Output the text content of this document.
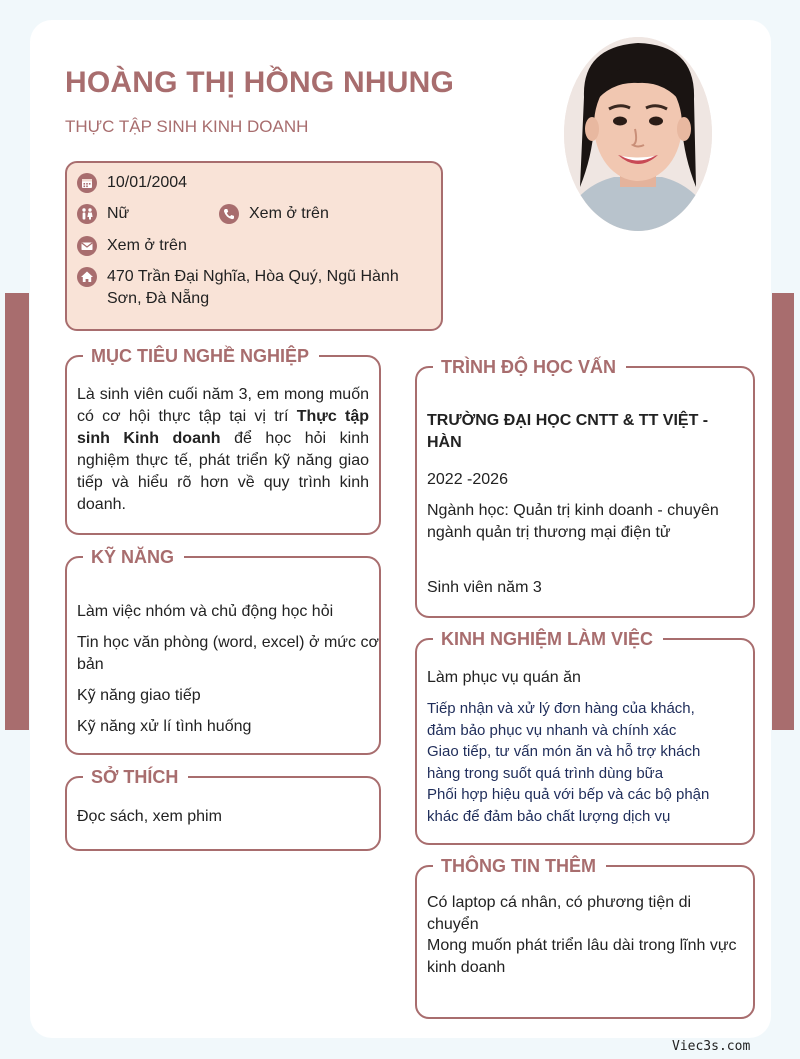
HOÀNG THỊ HỒNG NHUNG
THỰC TẬP SINH KINH DOANH
10/01/2004
Nữ	Xem ở trên
Xem ở trên
470 Trần Đại Nghĩa, Hòa Quý, Ngũ Hành Sơn, Đà Nẵng
MỤC TIÊU NGHỀ NGHIỆP
Là sinh viên cuối năm 3, em mong muốn có cơ hội thực tập tại vị trí Thực tập sinh Kinh doanh để học hỏi kinh nghiệm thực tế, phát triển kỹ năng giao tiếp và hiểu rõ hơn về quy trình kinh doanh.
KỸ NĂNG
Làm việc nhóm và chủ động học hỏi
Tin học văn phòng (word, excel) ở mức cơ bản
Kỹ năng giao tiếp
Kỹ năng xử lí tình huống
SỞ THÍCH
Đọc sách, xem phim
TRÌNH ĐỘ HỌC VẤN
TRƯỜNG ĐẠI HỌC CNTT & TT VIỆT - HÀN
2022 -2026
Ngành học: Quản trị kinh doanh - chuyên ngành quản trị thương mại điện tử
Sinh viên năm 3
KINH NGHIỆM LÀM VIỆC
Làm phục vụ quán ăn
Tiếp nhận và xử lý đơn hàng của khách, đảm bảo phục vụ nhanh và chính xác
Giao tiếp, tư vấn món ăn và hỗ trợ khách hàng trong suốt quá trình dùng bữa
Phối hợp hiệu quả với bếp và các bộ phận khác để đảm bảo chất lượng dịch vụ
THÔNG TIN THÊM
Có laptop cá nhân, có phương tiện di chuyển
Mong muốn phát triển lâu dài trong lĩnh vực kinh doanh
Viec3s.com
